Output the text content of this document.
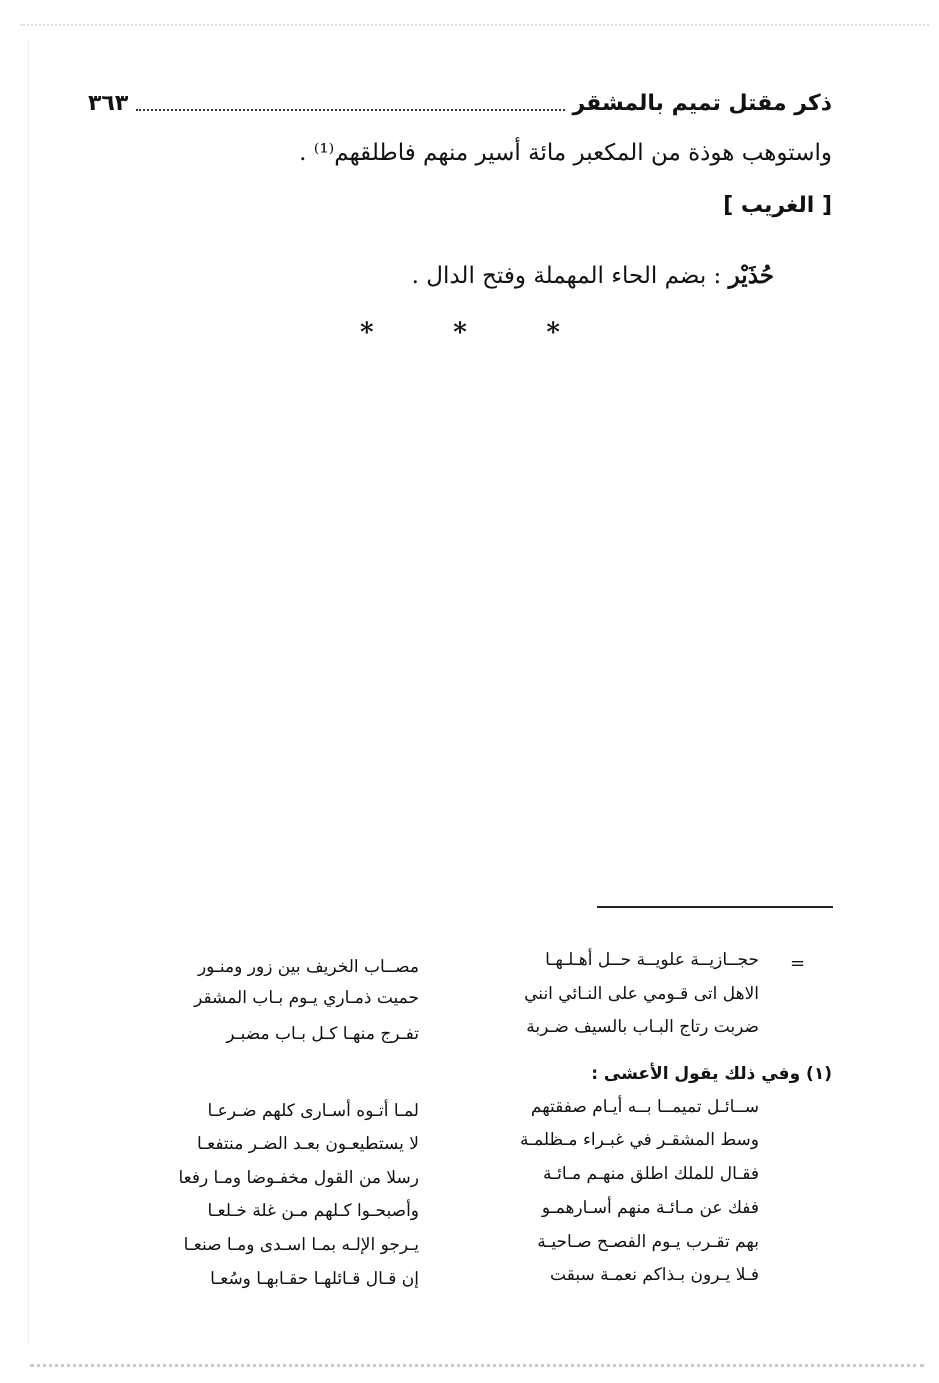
ذكر مقتل تميم بالمشقر
٣٦٣
واستوهب هوذة من المكعبر مائة أسير منهم فاطلقهم⁽¹⁾ .
[ الغريب ]
حُذَيْر : بضم الحاء المهملة وفتح الدال .
*	*	*
=
حجــازيــة علويــة حــل أهـلـهـا
مصــاب الخريف بين زور ومنـور
الاهل اتى قـومي على النـائي انني
حميت ذمـاري يـوم بـاب المشقر
ضربت رتاج البـاب بالسيف ضـربة
تفـرج منهـا كـل بـاب مضبـر
(١) وفي ذلك يقول الأعشى :
ســائـل تميمــا بــه أيـام صفقتهم
لمـا أتـوه أسـارى كلهم ضـرعـا
وسط المشقـر في غبـراء مـظلمـة
لا يستطيعـون بعـد الضـر منتفعـا
فقـال للملك اطلق منهـم مـائـة
رسلا من القول مخفـوضا ومـا رفعا
ففك عن مـائـة منهم أسـارهمـو
وأصبحـوا كـلهم مـن غلة خـلعـا
بهم تقـرب يـوم الفصـح صـاحيـة
يـرجو الإلـه بمـا اسـدى ومـا صنعـا
فـلا يـرون بـذاكم نعمـة سبقت
إن قـال قـائلهـا حقـابهـا وسُعـا
